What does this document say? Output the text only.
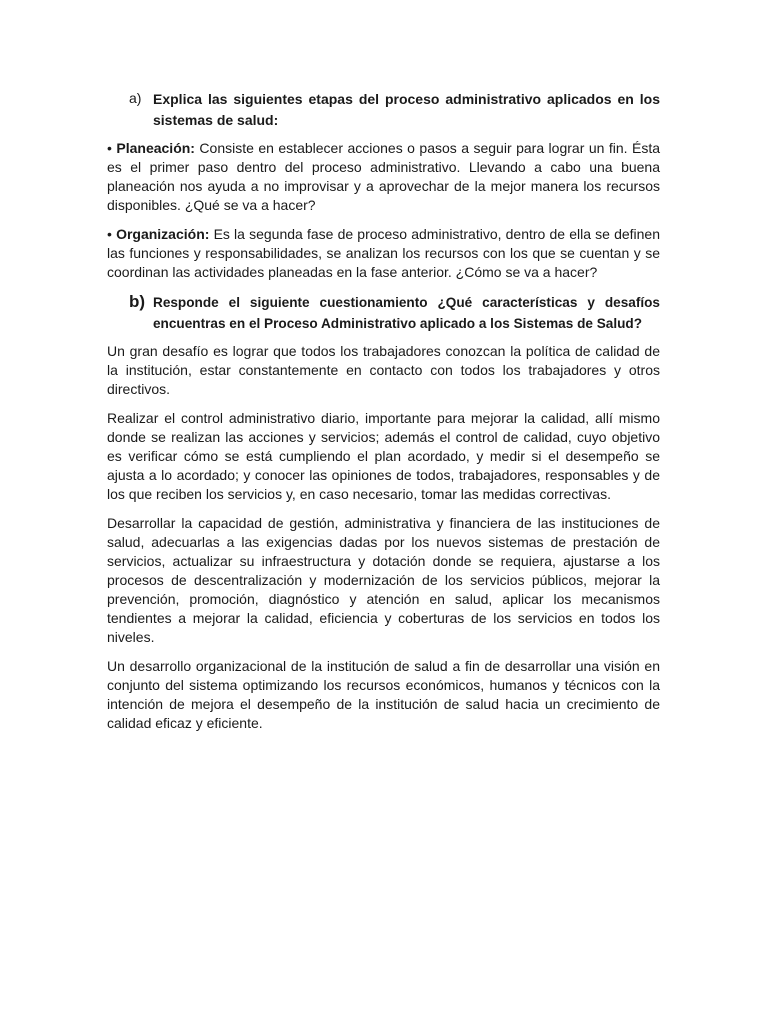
a) Explica las siguientes etapas del proceso administrativo aplicados en los sistemas de salud:

• Planeación: Consiste en establecer acciones o pasos a seguir para lograr un fin. Ésta es el primer paso dentro del proceso administrativo. Llevando a cabo una buena planeación nos ayuda a no improvisar y a aprovechar de la mejor manera los recursos disponibles. ¿Qué se va a hacer?

• Organización: Es la segunda fase de proceso administrativo, dentro de ella se definen las funciones y responsabilidades, se analizan los recursos con los que se cuentan y se coordinan las actividades planeadas en la fase anterior. ¿Cómo se va a hacer?

b) Responde el siguiente cuestionamiento ¿Qué características y desafíos encuentras en el Proceso Administrativo aplicado a los Sistemas de Salud?

Un gran desafío es lograr que todos los trabajadores conozcan la política de calidad de la institución, estar constantemente en contacto con todos los trabajadores y otros directivos.

Realizar el control administrativo diario, importante para mejorar la calidad, allí mismo donde se realizan las acciones y servicios; además el control de calidad, cuyo objetivo es verificar cómo se está cumpliendo el plan acordado, y medir si el desempeño se ajusta a lo acordado; y conocer las opiniones de todos, trabajadores, responsables y de los que reciben los servicios y, en caso necesario, tomar las medidas correctivas.

Desarrollar la capacidad de gestión, administrativa y financiera de las instituciones de salud, adecuarlas a las exigencias dadas por los nuevos sistemas de prestación de servicios, actualizar su infraestructura y dotación donde se requiera, ajustarse a los procesos de descentralización y modernización de los servicios públicos, mejorar la prevención, promoción, diagnóstico y atención en salud, aplicar los mecanismos tendientes a mejorar la calidad, eficiencia y coberturas de los servicios en todos los niveles.

Un desarrollo organizacional de la institución de salud a fin de desarrollar una visión en conjunto del sistema optimizando los recursos económicos, humanos y técnicos con la intención de mejora el desempeño de la institución de salud hacia un crecimiento de calidad eficaz y eficiente.
